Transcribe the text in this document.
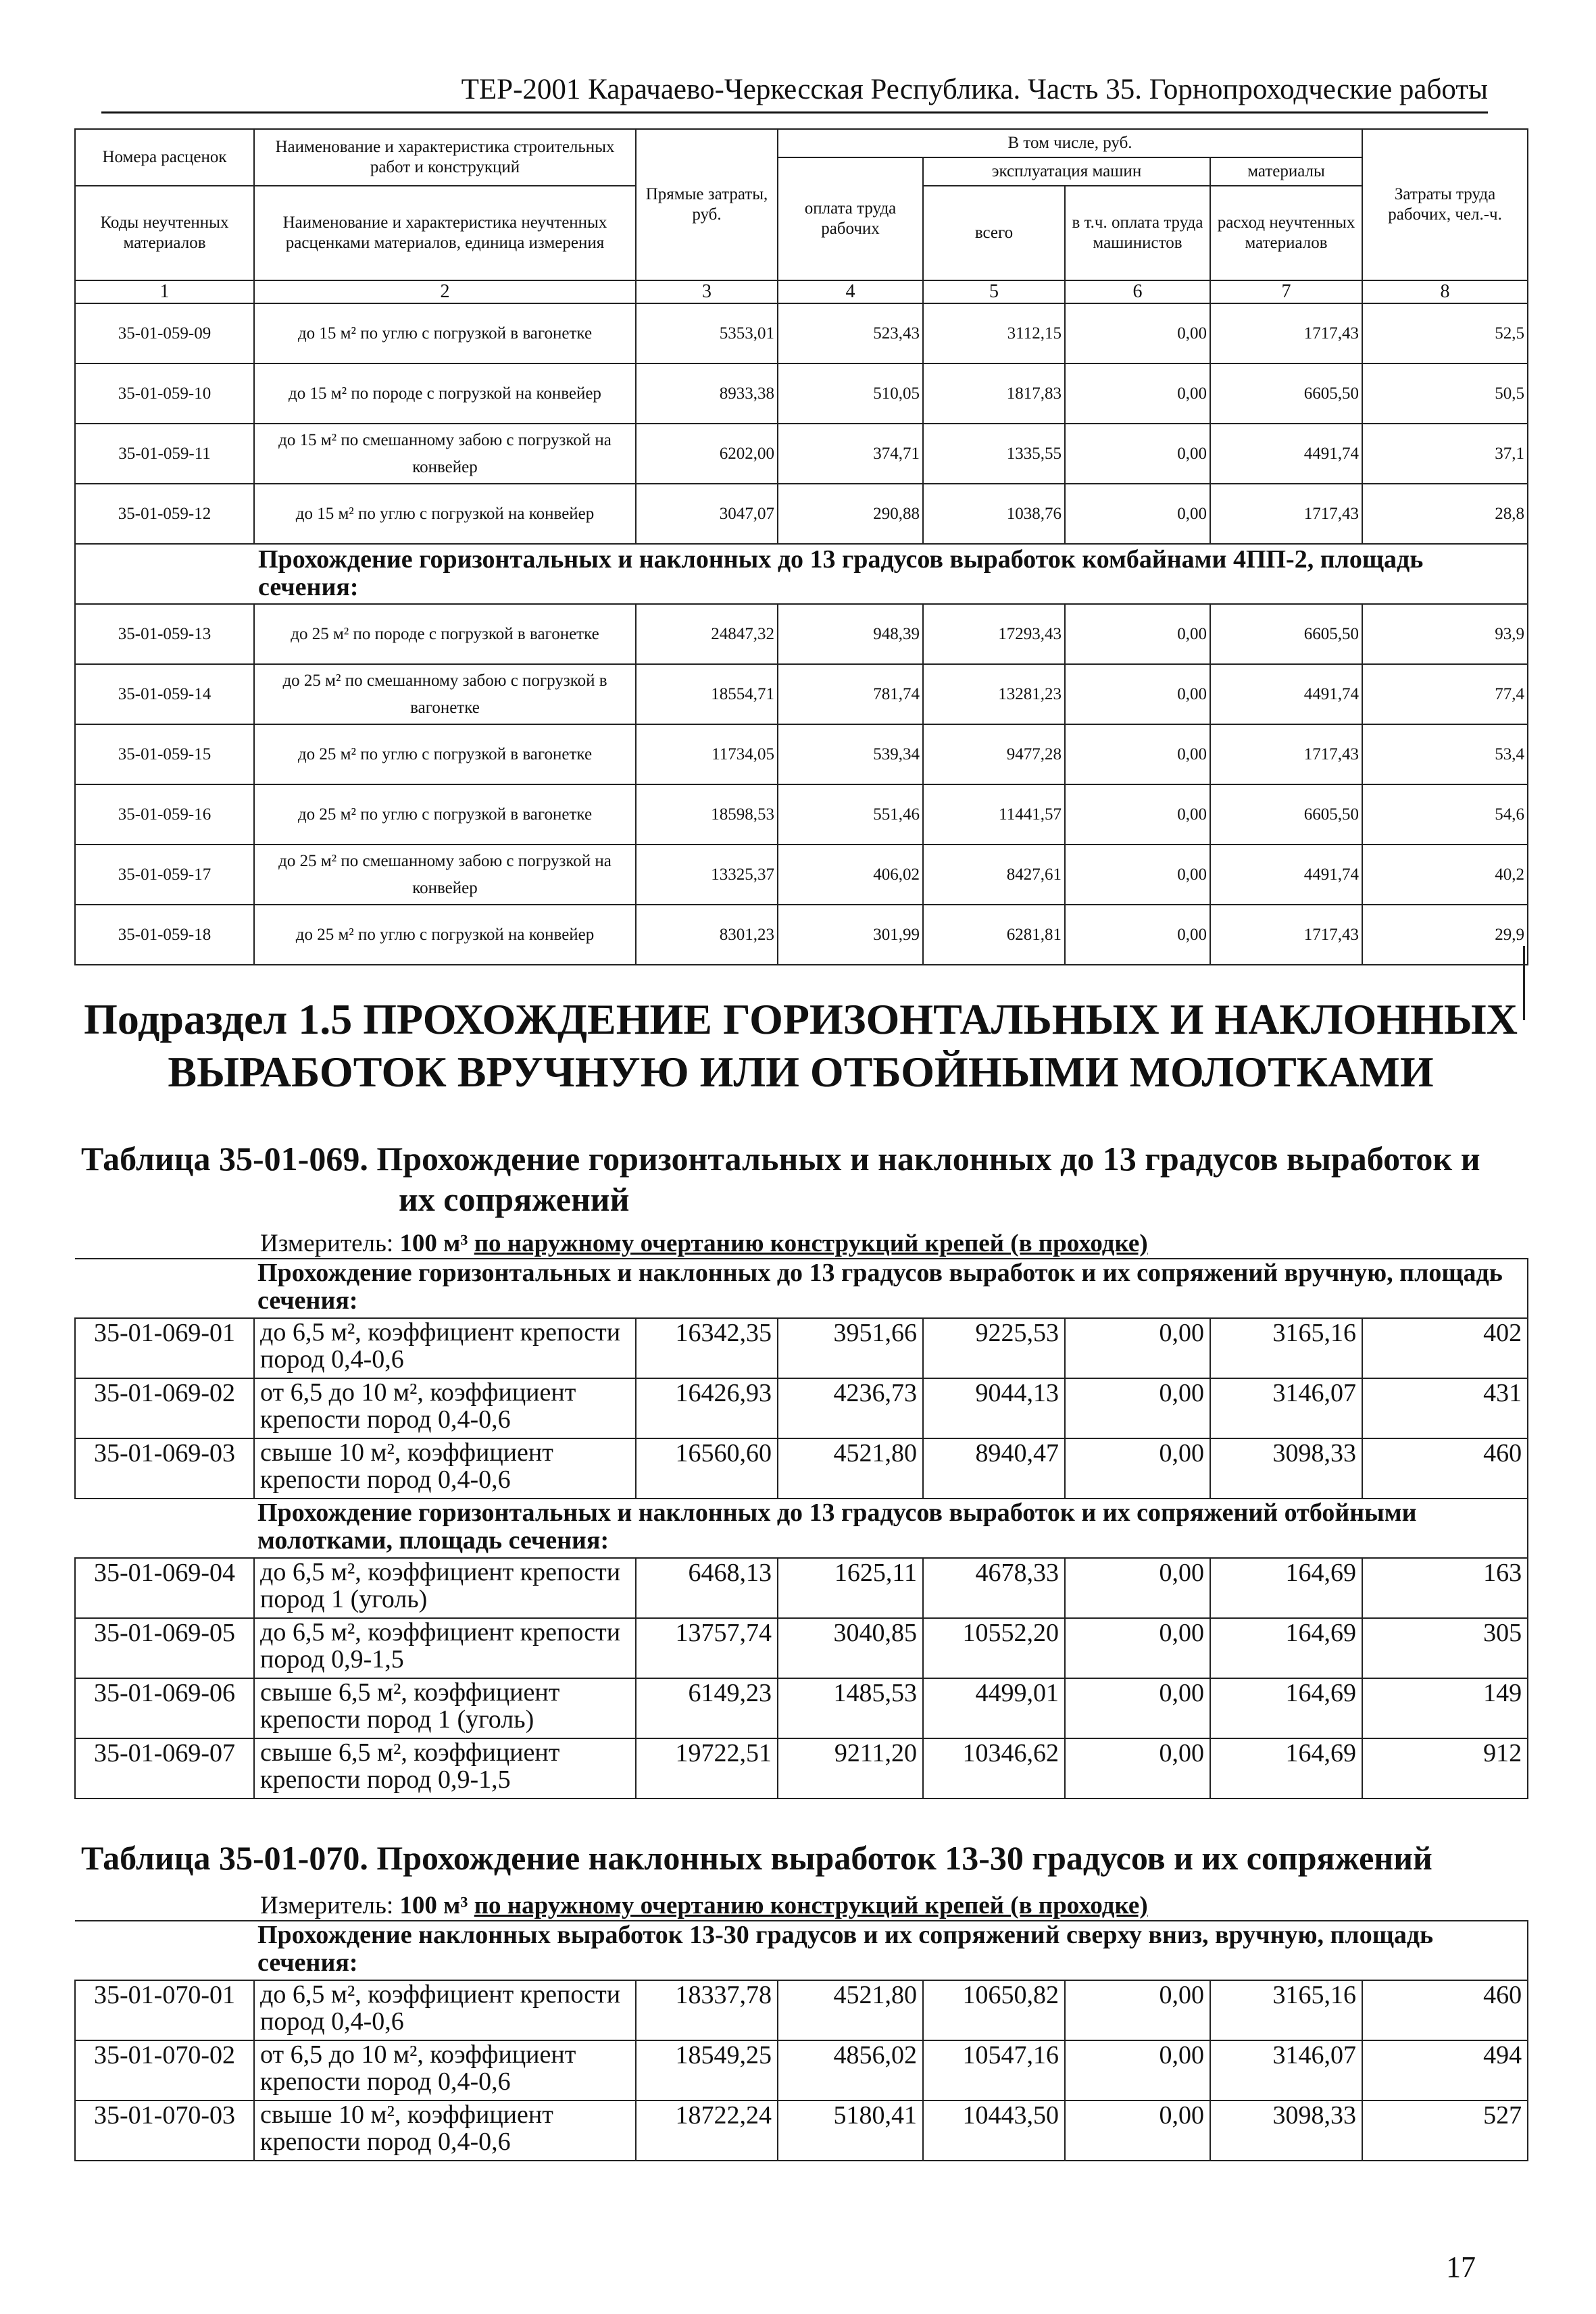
ТЕР-2001 Карачаево-Черкесская Республика. Часть 35. Горнопроходческие работы
Номера расценок	Наименование и характеристика строительных работ и конструкций	Прямые затраты, руб.	В том числе, руб.				Затраты труда рабочих, чел.-ч.
			оплата труда рабочих	эксплуатация машин		материалы	
Коды неучтенных материалов	Наименование и характеристика неучтенных расценками материалов, единица измерения			всего	в т.ч. оплата труда машинистов	расход неучтенных материалов	

1	2	3	4	5	6	7	8
35-01-059-09	до 15 м² по углю с погрузкой в вагонетке	5353,01	523,43	3112,15	0,00	1717,43	52,5
35-01-059-10	до 15 м² по породе с погрузкой на конвейер	8933,38	510,05	1817,83	0,00	6605,50	50,5
35-01-059-11	до 15 м² по смешанному забою с погрузкой на конвейер	6202,00	374,71	1335,55	0,00	4491,74	37,1
35-01-059-12	до 15 м² по углю с погрузкой на конвейер	3047,07	290,88	1038,76	0,00	1717,43	28,8
Прохождение горизонтальных и наклонных до 13 градусов выработок комбайнами 4ПП-2, площадь сечения:							
35-01-059-13	до 25 м² по породе с погрузкой в вагонетке	24847,32	948,39	17293,43	0,00	6605,50	93,9
35-01-059-14	до 25 м² по смешанному забою с погрузкой в вагонетке	18554,71	781,74	13281,23	0,00	4491,74	77,4
35-01-059-15	до 25 м² по углю с погрузкой в вагонетке	11734,05	539,34	9477,28	0,00	1717,43	53,4
35-01-059-16	до 25 м² по углю с погрузкой в вагонетке	18598,53	551,46	11441,57	0,00	6605,50	54,6
35-01-059-17	до 25 м² по смешанному забою с погрузкой на конвейер	13325,37	406,02	8427,61	0,00	4491,74	40,2
35-01-059-18	до 25 м² по углю с погрузкой на конвейер	8301,23	301,99	6281,81	0,00	1717,43	29,9
Подраздел 1.5 ПРОХОЖДЕНИЕ ГОРИЗОНТАЛЬНЫХ И НАКЛОННЫХ
ВЫРАБОТОК ВРУЧНУЮ ИЛИ ОТБОЙНЫМИ МОЛОТКАМИ
Таблица 35-01-069. Прохождение горизонтальных и наклонных до 13 градусов выработок и
их сопряжений
Измеритель: 100 м³ по наружному очертанию конструкций крепей (в проходке)
Прохождение горизонтальных и наклонных до 13 градусов выработок и их сопряжений вручную, площадь сечения:							
35-01-069-01	до 6,5 м², коэффициент крепости пород 0,4-0,6	16342,35	3951,66	9225,53	0,00	3165,16	402
35-01-069-02	от 6,5 до 10 м², коэффициент крепости пород 0,4-0,6	16426,93	4236,73	9044,13	0,00	3146,07	431
35-01-069-03	свыше 10 м², коэффициент крепости пород 0,4-0,6	16560,60	4521,80	8940,47	0,00	3098,33	460
Прохождение горизонтальных и наклонных до 13 градусов выработок и их сопряжений отбойными молотками, площадь сечения:							
35-01-069-04	до 6,5 м², коэффициент крепости пород 1 (уголь)	6468,13	1625,11	4678,33	0,00	164,69	163
35-01-069-05	до 6,5 м², коэффициент крепости пород 0,9-1,5	13757,74	3040,85	10552,20	0,00	164,69	305
35-01-069-06	свыше 6,5 м², коэффициент крепости пород 1 (уголь)	6149,23	1485,53	4499,01	0,00	164,69	149
35-01-069-07	свыше 6,5 м², коэффициент крепости пород 0,9-1,5	19722,51	9211,20	10346,62	0,00	164,69	912
Таблица 35-01-070. Прохождение наклонных выработок 13-30 градусов и их сопряжений
Измеритель: 100 м³ по наружному очертанию конструкций крепей (в проходке)
Прохождение наклонных выработок 13-30 градусов и их сопряжений сверху вниз, вручную, площадь сечения:							
35-01-070-01	до 6,5 м², коэффициент крепости пород 0,4-0,6	18337,78	4521,80	10650,82	0,00	3165,16	460
35-01-070-02	от 6,5 до 10 м², коэффициент крепости пород 0,4-0,6	18549,25	4856,02	10547,16	0,00	3146,07	494
35-01-070-03	свыше 10 м², коэффициент крепости пород 0,4-0,6	18722,24	5180,41	10443,50	0,00	3098,33	527
17
